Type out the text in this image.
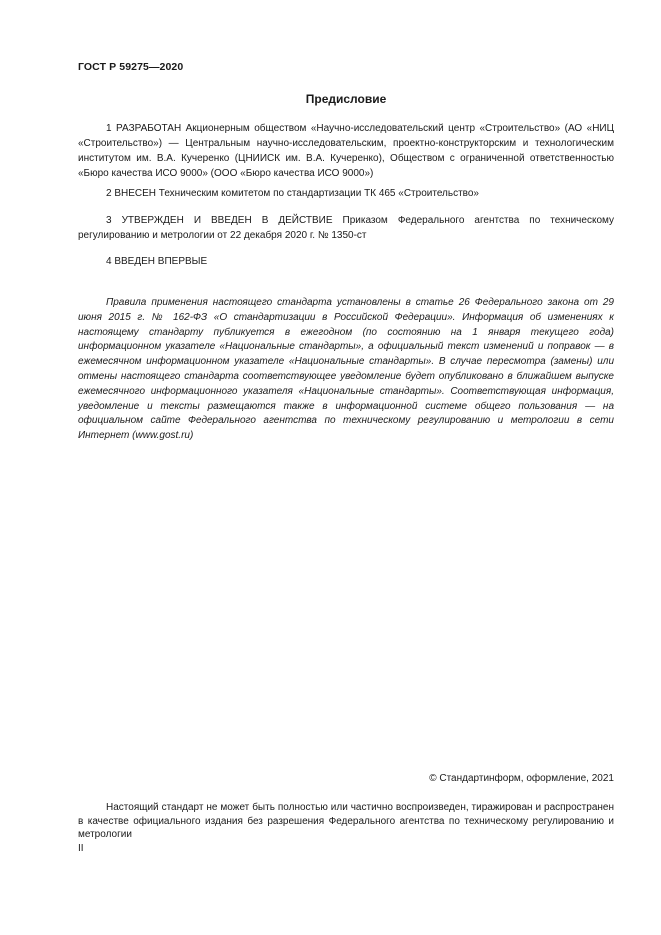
ГОСТ Р 59275—2020
Предисловие

1 РАЗРАБОТАН Акционерным обществом «Научно-исследовательский центр «Строительство» (АО «НИЦ «Строительство») — Центральным научно-исследовательским, проектно-конструкторским и технологическим институтом им. В.А. Кучеренко (ЦНИИСК им. В.А. Кучеренко), Обществом с ограниченной ответственностью «Бюро качества ИСО 9000» (ООО «Бюро качества ИСО 9000»)

2 ВНЕСЕН Техническим комитетом по стандартизации ТК 465 «Строительство»

3 УТВЕРЖДЕН И ВВЕДЕН В ДЕЙСТВИЕ Приказом Федерального агентства по техническому регулированию и метрологии от 22 декабря 2020 г. № 1350-ст

4 ВВЕДЕН ВПЕРВЫЕ

Правила применения настоящего стандарта установлены в статье 26 Федерального закона от 29 июня 2015 г. № 162-ФЗ «О стандартизации в Российской Федерации». Информация об изменениях к настоящему стандарту публикуется в ежегодном (по состоянию на 1 января текущего года) информационном указателе «Национальные стандарты», а официальный текст изменений и поправок — в ежемесячном информационном указателе «Национальные стандарты». В случае пересмотра (замены) или отмены настоящего стандарта соответствующее уведомление будет опубликовано в ближайшем выпуске ежемесячного информационного указателя «Национальные стандарты». Соответствующая информация, уведомление и тексты размещаются также в информационной системе общего пользования — на официальном сайте Федерального агентства по техническому регулированию и метрологии в сети Интернет (www.gost.ru)

© Стандартинформ, оформление, 2021

Настоящий стандарт не может быть полностью или частично воспроизведен, тиражирован и распространен в качестве официального издания без разрешения Федерального агентства по техническому регулированию и метрологии

II
